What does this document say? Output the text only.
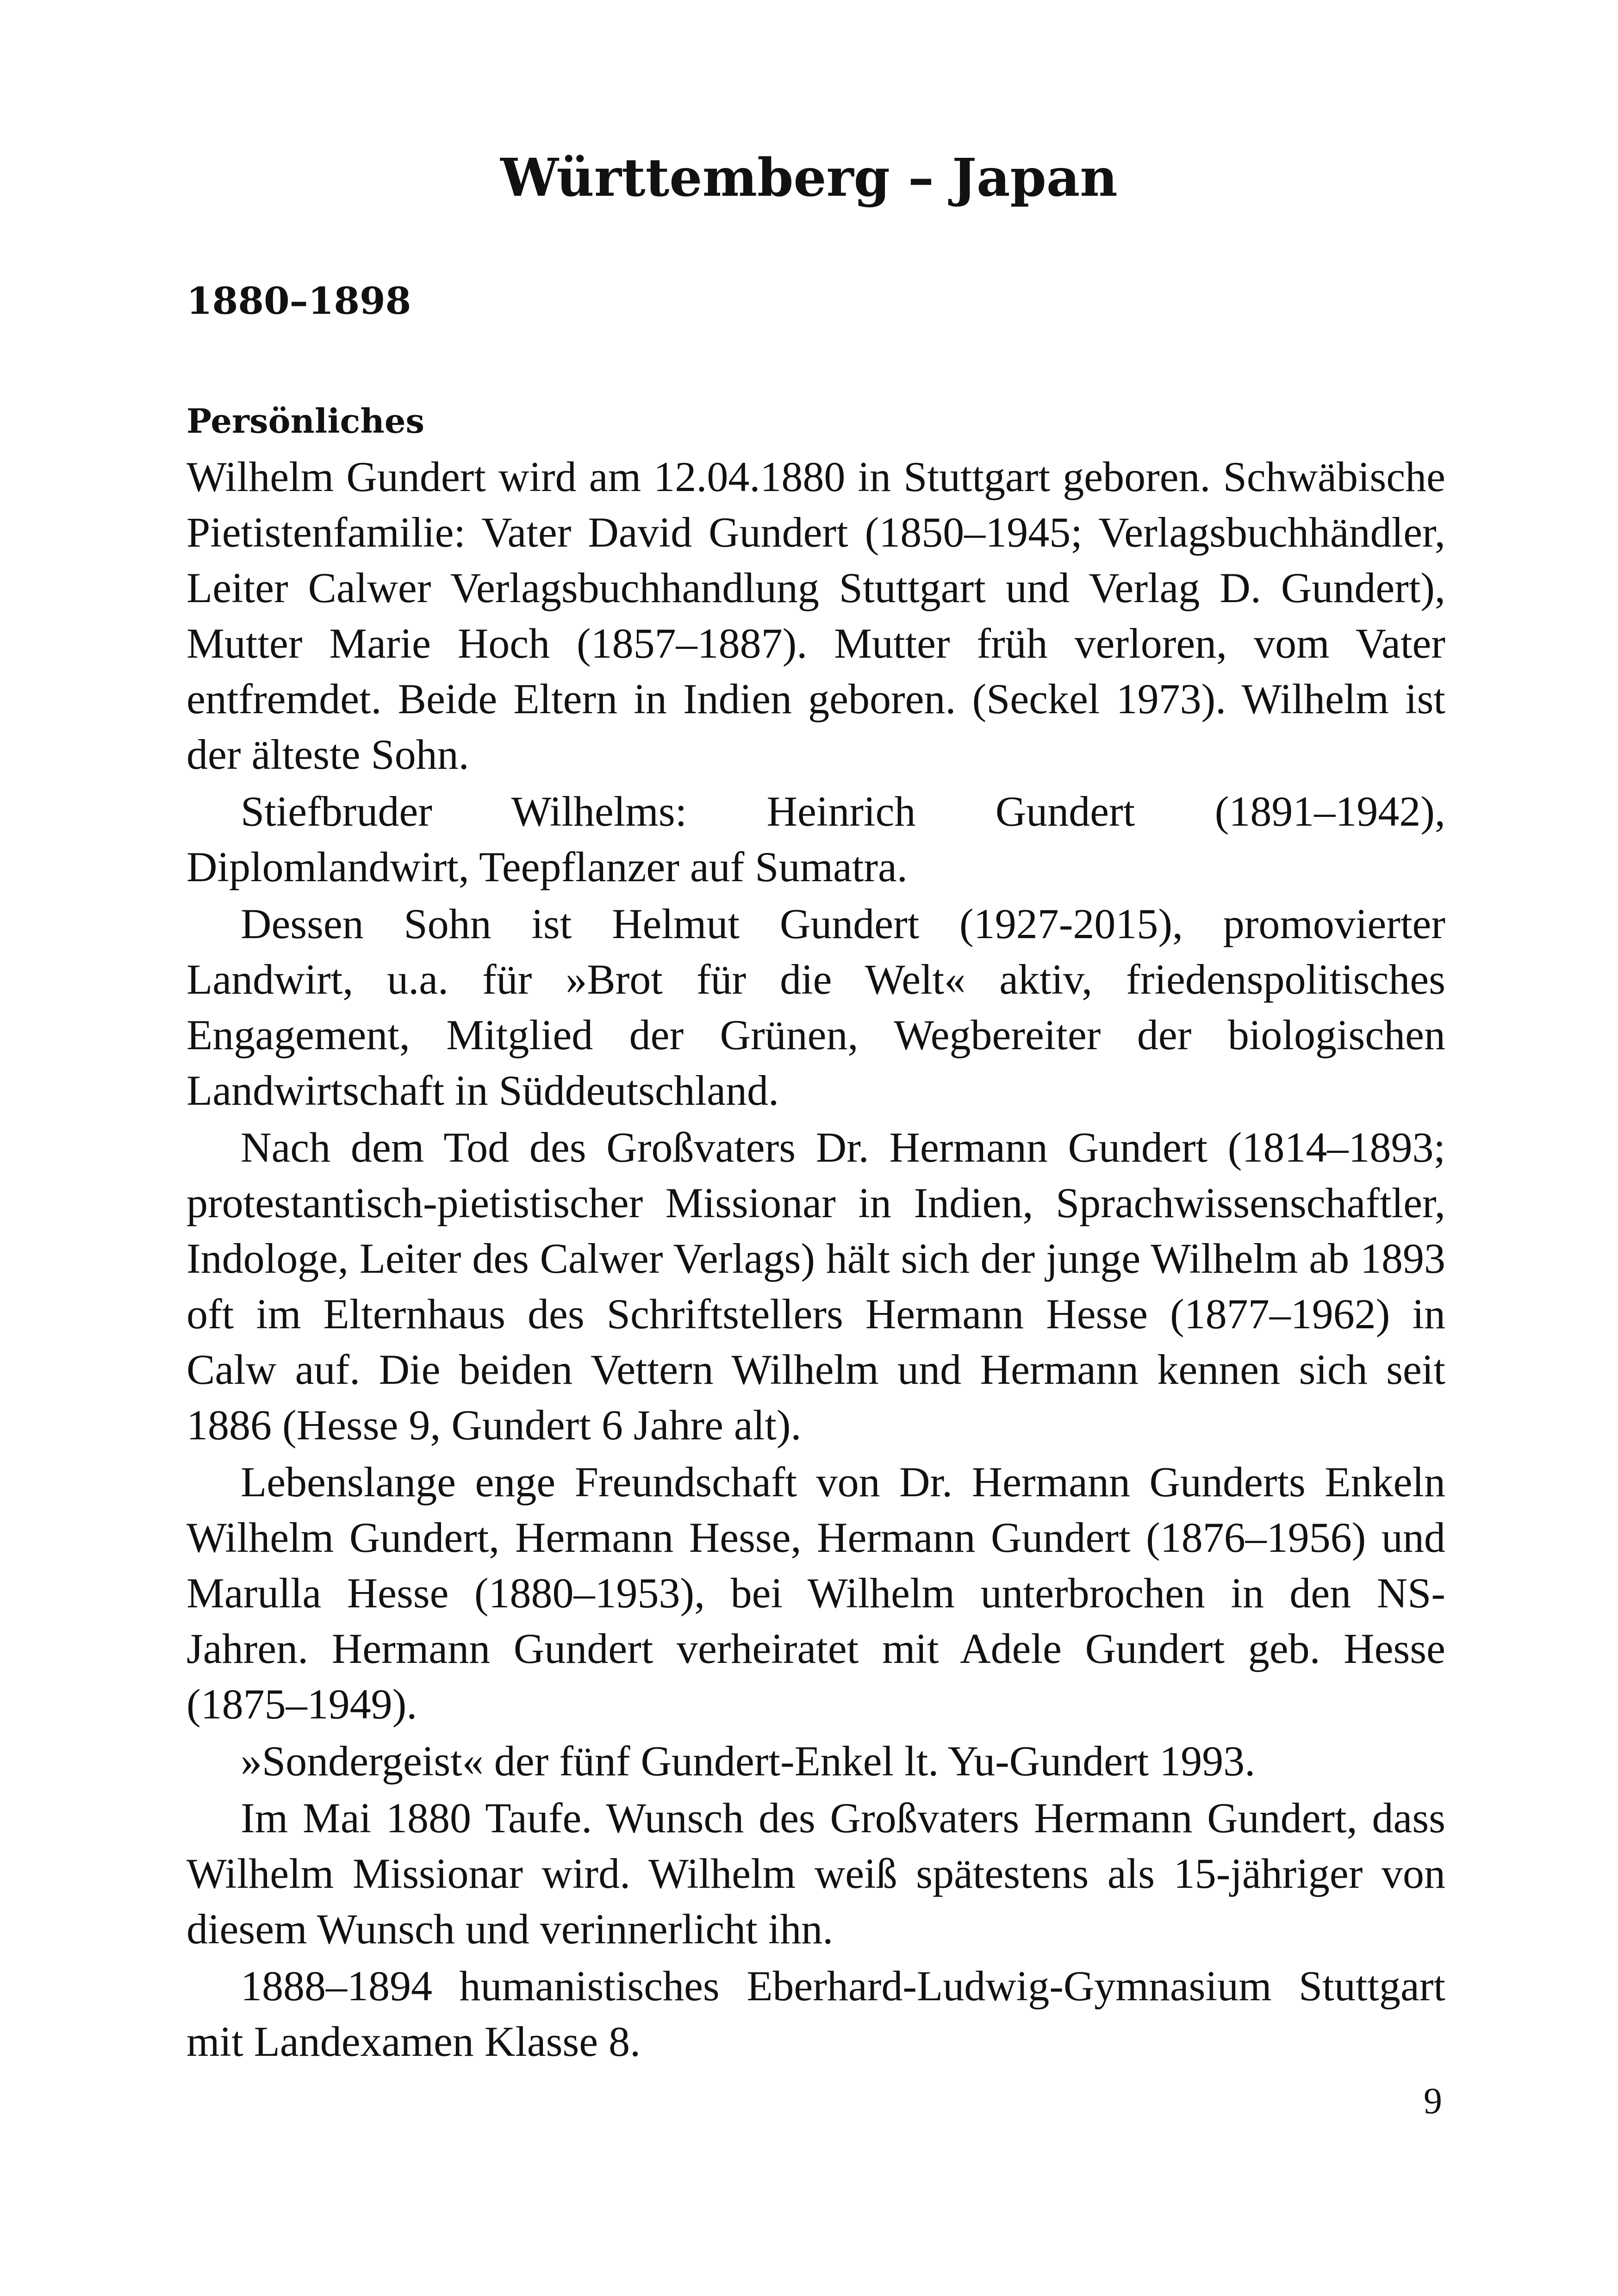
Württemberg – Japan
1880–1898
Persönliches

Wilhelm Gundert wird am 12.04.1880 in Stuttgart geboren. Schwäbische Pietistenfamilie: Vater David Gundert (1850–1945; Verlagsbuchhändler, Leiter Calwer Verlagsbuchhandlung Stuttgart und Verlag D. Gundert), Mutter Marie Hoch (1857–1887). Mutter früh verloren, vom Vater entfremdet. Beide Eltern in Indien geboren. (Seckel 1973). Wilhelm ist der älteste Sohn.

Stiefbruder Wilhelms: Heinrich Gundert (1891–1942), Diplomlandwirt, Teepflanzer auf Sumatra.

Dessen Sohn ist Helmut Gundert (1927-2015), promovierter Landwirt, u.a. für »Brot für die Welt« aktiv, friedenspolitisches Engagement, Mitglied der Grünen, Wegbereiter der biologischen Landwirtschaft in Süddeutschland.

Nach dem Tod des Großvaters Dr. Hermann Gundert (1814–1893; protestantisch-pietistischer Missionar in Indien, Sprachwissenschaftler, Indologe, Leiter des Calwer Verlags) hält sich der junge Wilhelm ab 1893 oft im Elternhaus des Schriftstellers Hermann Hesse (1877–1962) in Calw auf. Die beiden Vettern Wilhelm und Hermann kennen sich seit 1886 (Hesse 9, Gundert 6 Jahre alt).

Lebenslange enge Freundschaft von Dr. Hermann Gunderts Enkeln Wilhelm Gundert, Hermann Hesse, Hermann Gundert (1876–1956) und Marulla Hesse (1880–1953), bei Wilhelm unterbrochen in den NS-Jahren. Hermann Gundert verheiratet mit Adele Gundert geb. Hesse (1875–1949).

»Sondergeist« der fünf Gundert-Enkel lt. Yu-Gundert 1993.

Im Mai 1880 Taufe. Wunsch des Großvaters Hermann Gundert, dass Wilhelm Missionar wird. Wilhelm weiß spätestens als 15-jähriger von diesem Wunsch und verinnerlicht ihn.

1888–1894 humanistisches Eberhard-Ludwig-Gymnasium Stuttgart mit Landexamen Klasse 8.

9
